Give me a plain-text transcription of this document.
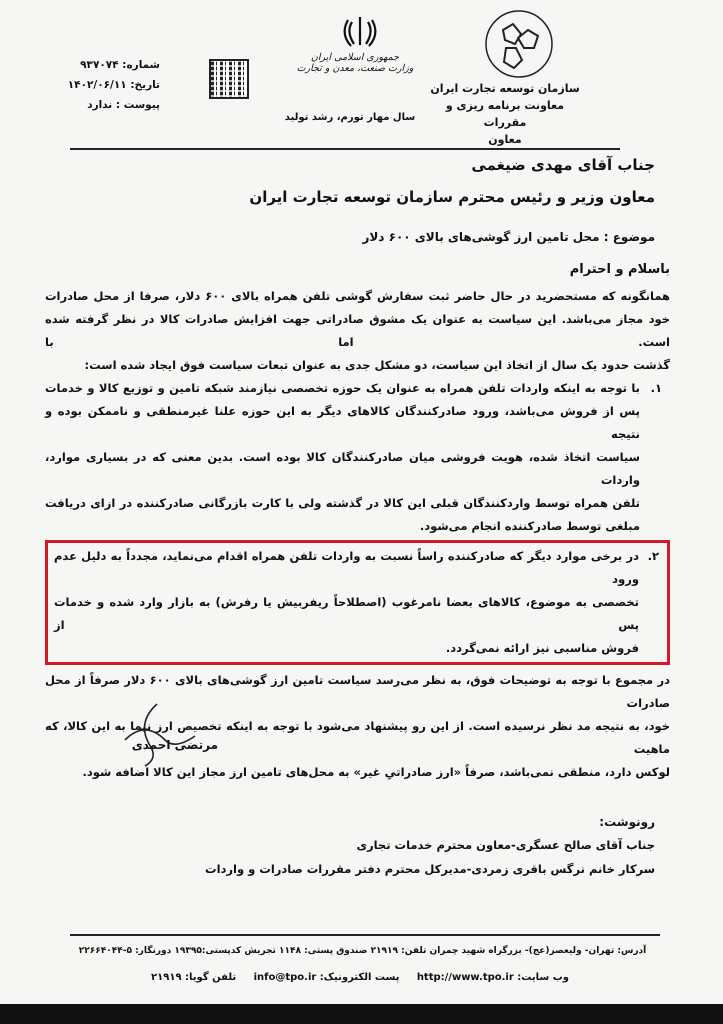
سازمان توسعه تجارت ایران
معاونت برنامه ریزی و مقررات
معاون
جمهوری اسلامی ایران
وزارت صنعت، معدن و تجارت
سال مهار تورم، رشد تولید
شماره: ۹۳۷۰۷۴
تاریخ: ۱۴۰۲/۰۶/۱۱
پیوست : ندارد
جناب آقای مهدی ضیغمی
معاون وزیر و رئیس محترم سازمان توسعه تجارت ایران
موضوع : محل تامین ارز گوشی‌های بالای ۶۰۰ دلار
باسلام و احترام
همانگونه که مستحضرید در حال حاضر ثبت سفارش گوشی تلفن همراه بالای ۶۰۰ دلار، صرفا از محل صادرات
خود مجاز می‌باشد. این سیاست به عنوان یک مشوق صادراتی جهت افزایش صادرات کالا در نظر گرفته شده است. اما با
گذشت حدود یک سال از اتخاذ این سیاست، دو مشکل جدی به عنوان تبعات سیاست فوق ایجاد شده است:
۱.
با توجه به اینکه واردات تلفن همراه به عنوان یک حوزه تخصصی نیازمند شبکه تامین و توزیع کالا و خدمات
پس از فروش می‌باشد، ورود صادرکنندگان کالاهای دیگر به این حوزه علنا غیرمنطقی و ناممکن بوده و نتیجه
سیاست اتخاذ شده، هویت فروشی میان صادرکنندگان کالا بوده است. بدین معنی که در بسیاری موارد، واردات
تلفن همراه توسط واردکنندگان قبلی این کالا در گذشته ولی با کارت بازرگانی صادرکننده در ازای دریافت
مبلغی توسط صادرکننده انجام می‌شود.
۲.
در برخی موارد دیگر که صادرکننده راساً نسبت به واردات تلفن همراه اقدام می‌نماید، مجدداً به دلیل عدم ورود
تخصصی به موضوع، کالاهای بعضا نامرغوب (اصطلاحاً ریفربیش یا رفرش) به بازار وارد شده و خدمات پس از
فروش مناسبی نیز ارائه نمی‌گردد.
در مجموع با توجه به توضیحات فوق، به نظر می‌رسد سیاست تامین ارز گوشی‌های بالای ۶۰۰ دلار صرفاً از محل صادرات
خود، به نتیجه مد نظر نرسیده است. از این رو پیشنهاد می‌شود با توجه به اینکه تخصیص ارز نیما به این کالا، که ماهیت
لوکس دارد، منطقی نمی‌باشد، صرفاً «ارز صادراتیِ غیر» به محل‌های تامین ارز مجاز این کالا اضافه شود.
مرتضی احمدی
رونوشت:
جناب آقای صالح عسگری-معاون محترم خدمات تجاری
سرکار خانم نرگس باقری زمردی-مدیرکل محترم دفتر مقررات صادرات و واردات
آدرس: تهران- ولیعصر(عج)- بزرگراه شهید چمران تلفن: ۲۱۹۱۹ صندوق پستی: ۱۱۴۸ تجریش کدپستی:۱۹۳۹۵ دورنگار: ۵-۲۲۶۶۴۰۴۴
وب سایت: http://www.tpo.ir     پست الکترونیک: info@tpo.ir     تلفن گویا: ۲۱۹۱۹
